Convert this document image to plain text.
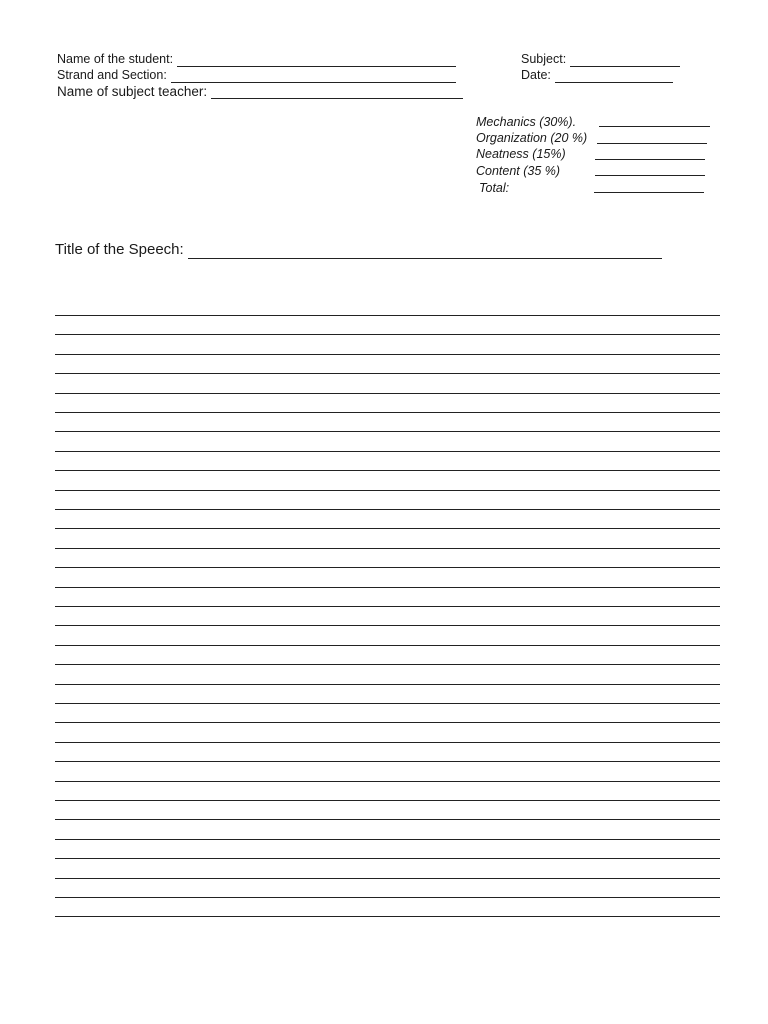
Name of the student:
Strand and Section:
Name of subject teacher:
Subject:
Date:
Mechanics (30%).
Organization (20 %)
Neatness (15%)
Content (35 %)
Total:
Title of the Speech:
